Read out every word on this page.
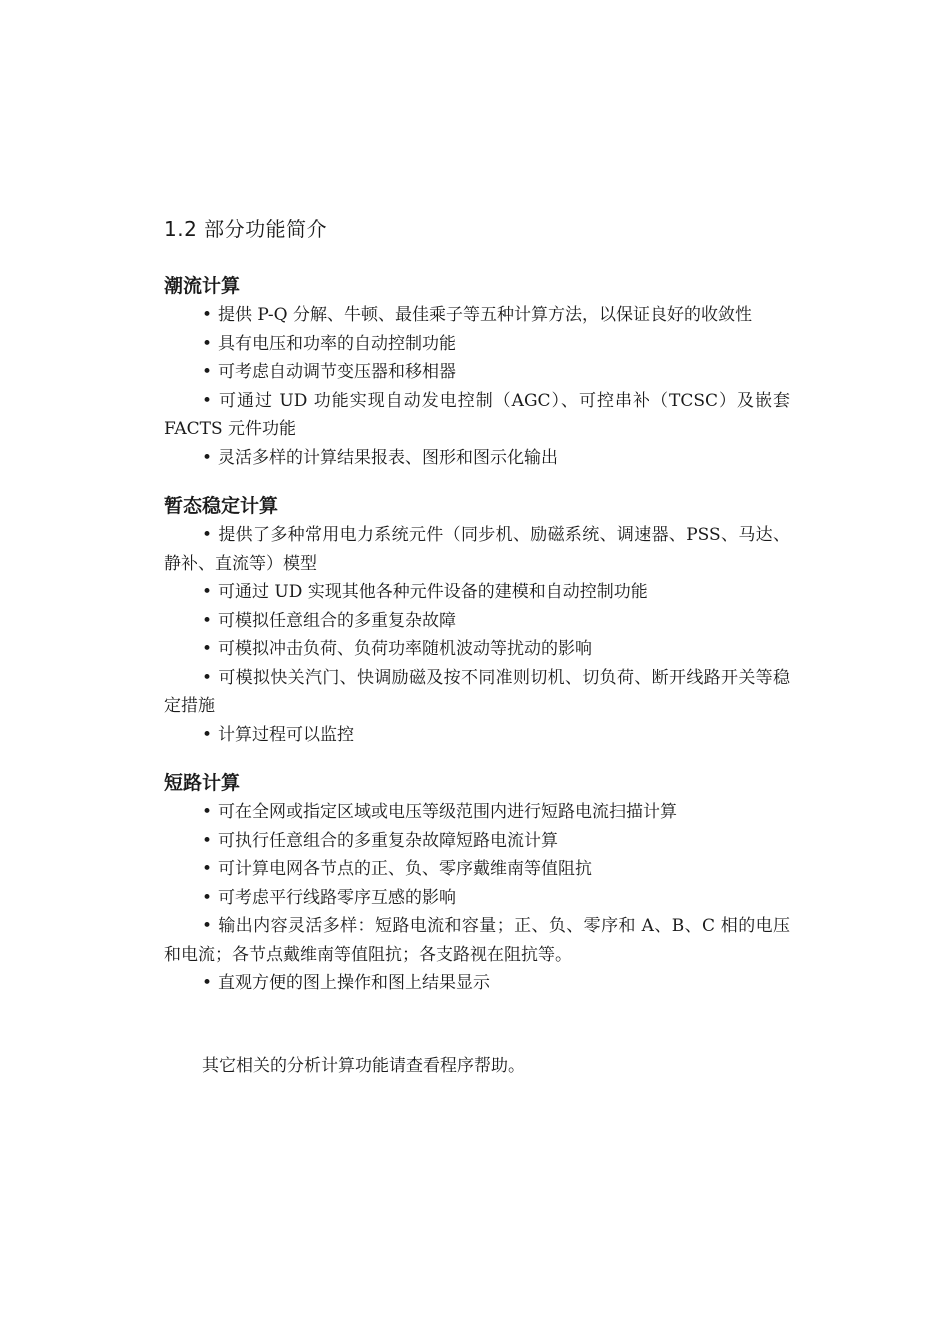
1.2 部分功能简介
潮流计算
• 提供 P-Q 分解、牛顿、最佳乘子等五种计算方法，以保证良好的收敛性
• 具有电压和功率的自动控制功能
• 可考虑自动调节变压器和移相器
• 可通过 UD 功能实现自动发电控制（AGC）、可控串补（TCSC）及嵌套 FACTS 元件功能
• 灵活多样的计算结果报表、图形和图示化输出
暂态稳定计算
• 提供了多种常用电力系统元件（同步机、励磁系统、调速器、PSS、马达、静补、直流等）模型
• 可通过 UD 实现其他各种元件设备的建模和自动控制功能
• 可模拟任意组合的多重复杂故障
• 可模拟冲击负荷、负荷功率随机波动等扰动的影响
• 可模拟快关汽门、快调励磁及按不同准则切机、切负荷、断开线路开关等稳定措施
• 计算过程可以监控
短路计算
• 可在全网或指定区域或电压等级范围内进行短路电流扫描计算
• 可执行任意组合的多重复杂故障短路电流计算
• 可计算电网各节点的正、负、零序戴维南等值阻抗
• 可考虑平行线路零序互感的影响
• 输出内容灵活多样：短路电流和容量；正、负、零序和 A、B、C 相的电压和电流；各节点戴维南等值阻抗；各支路视在阻抗等。
• 直观方便的图上操作和图上结果显示

其它相关的分析计算功能请查看程序帮助。
